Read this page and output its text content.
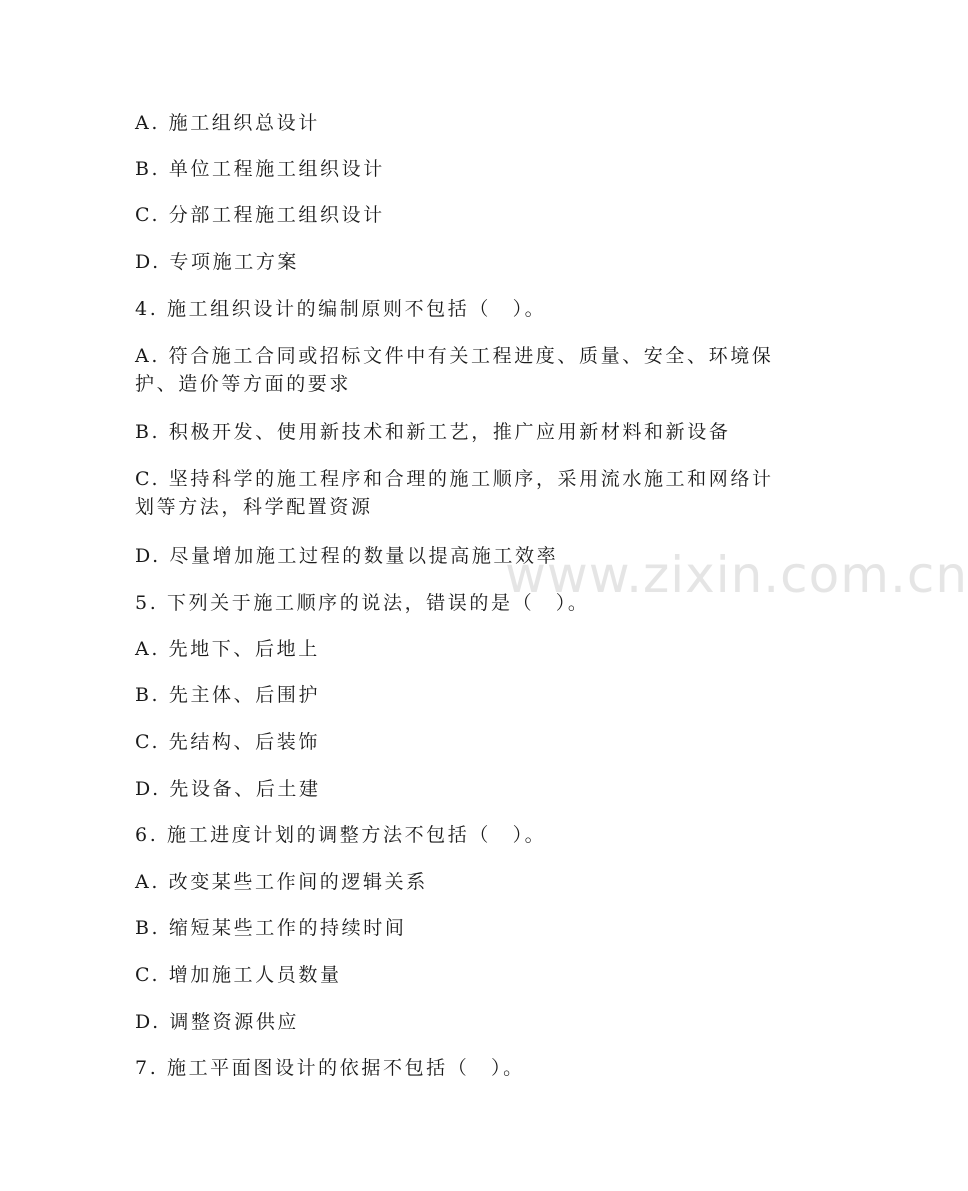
A. 施工组织总设计
B. 单位工程施工组织设计
C. 分部工程施工组织设计
D. 专项施工方案
4. 施工组织设计的编制原则不包括（　）。
A. 符合施工合同或招标文件中有关工程进度、质量、安全、环境保护、造价等方面的要求
B. 积极开发、使用新技术和新工艺，推广应用新材料和新设备
C. 坚持科学的施工程序和合理的施工顺序，采用流水施工和网络计划等方法，科学配置资源
D. 尽量增加施工过程的数量以提高施工效率
5. 下列关于施工顺序的说法，错误的是（　）。
A. 先地下、后地上
B. 先主体、后围护
C. 先结构、后装饰
D. 先设备、后土建
6. 施工进度计划的调整方法不包括（　）。
A. 改变某些工作间的逻辑关系
B. 缩短某些工作的持续时间
C. 增加施工人员数量
D. 调整资源供应
7. 施工平面图设计的依据不包括（　）。
www.zixin.com.cn
